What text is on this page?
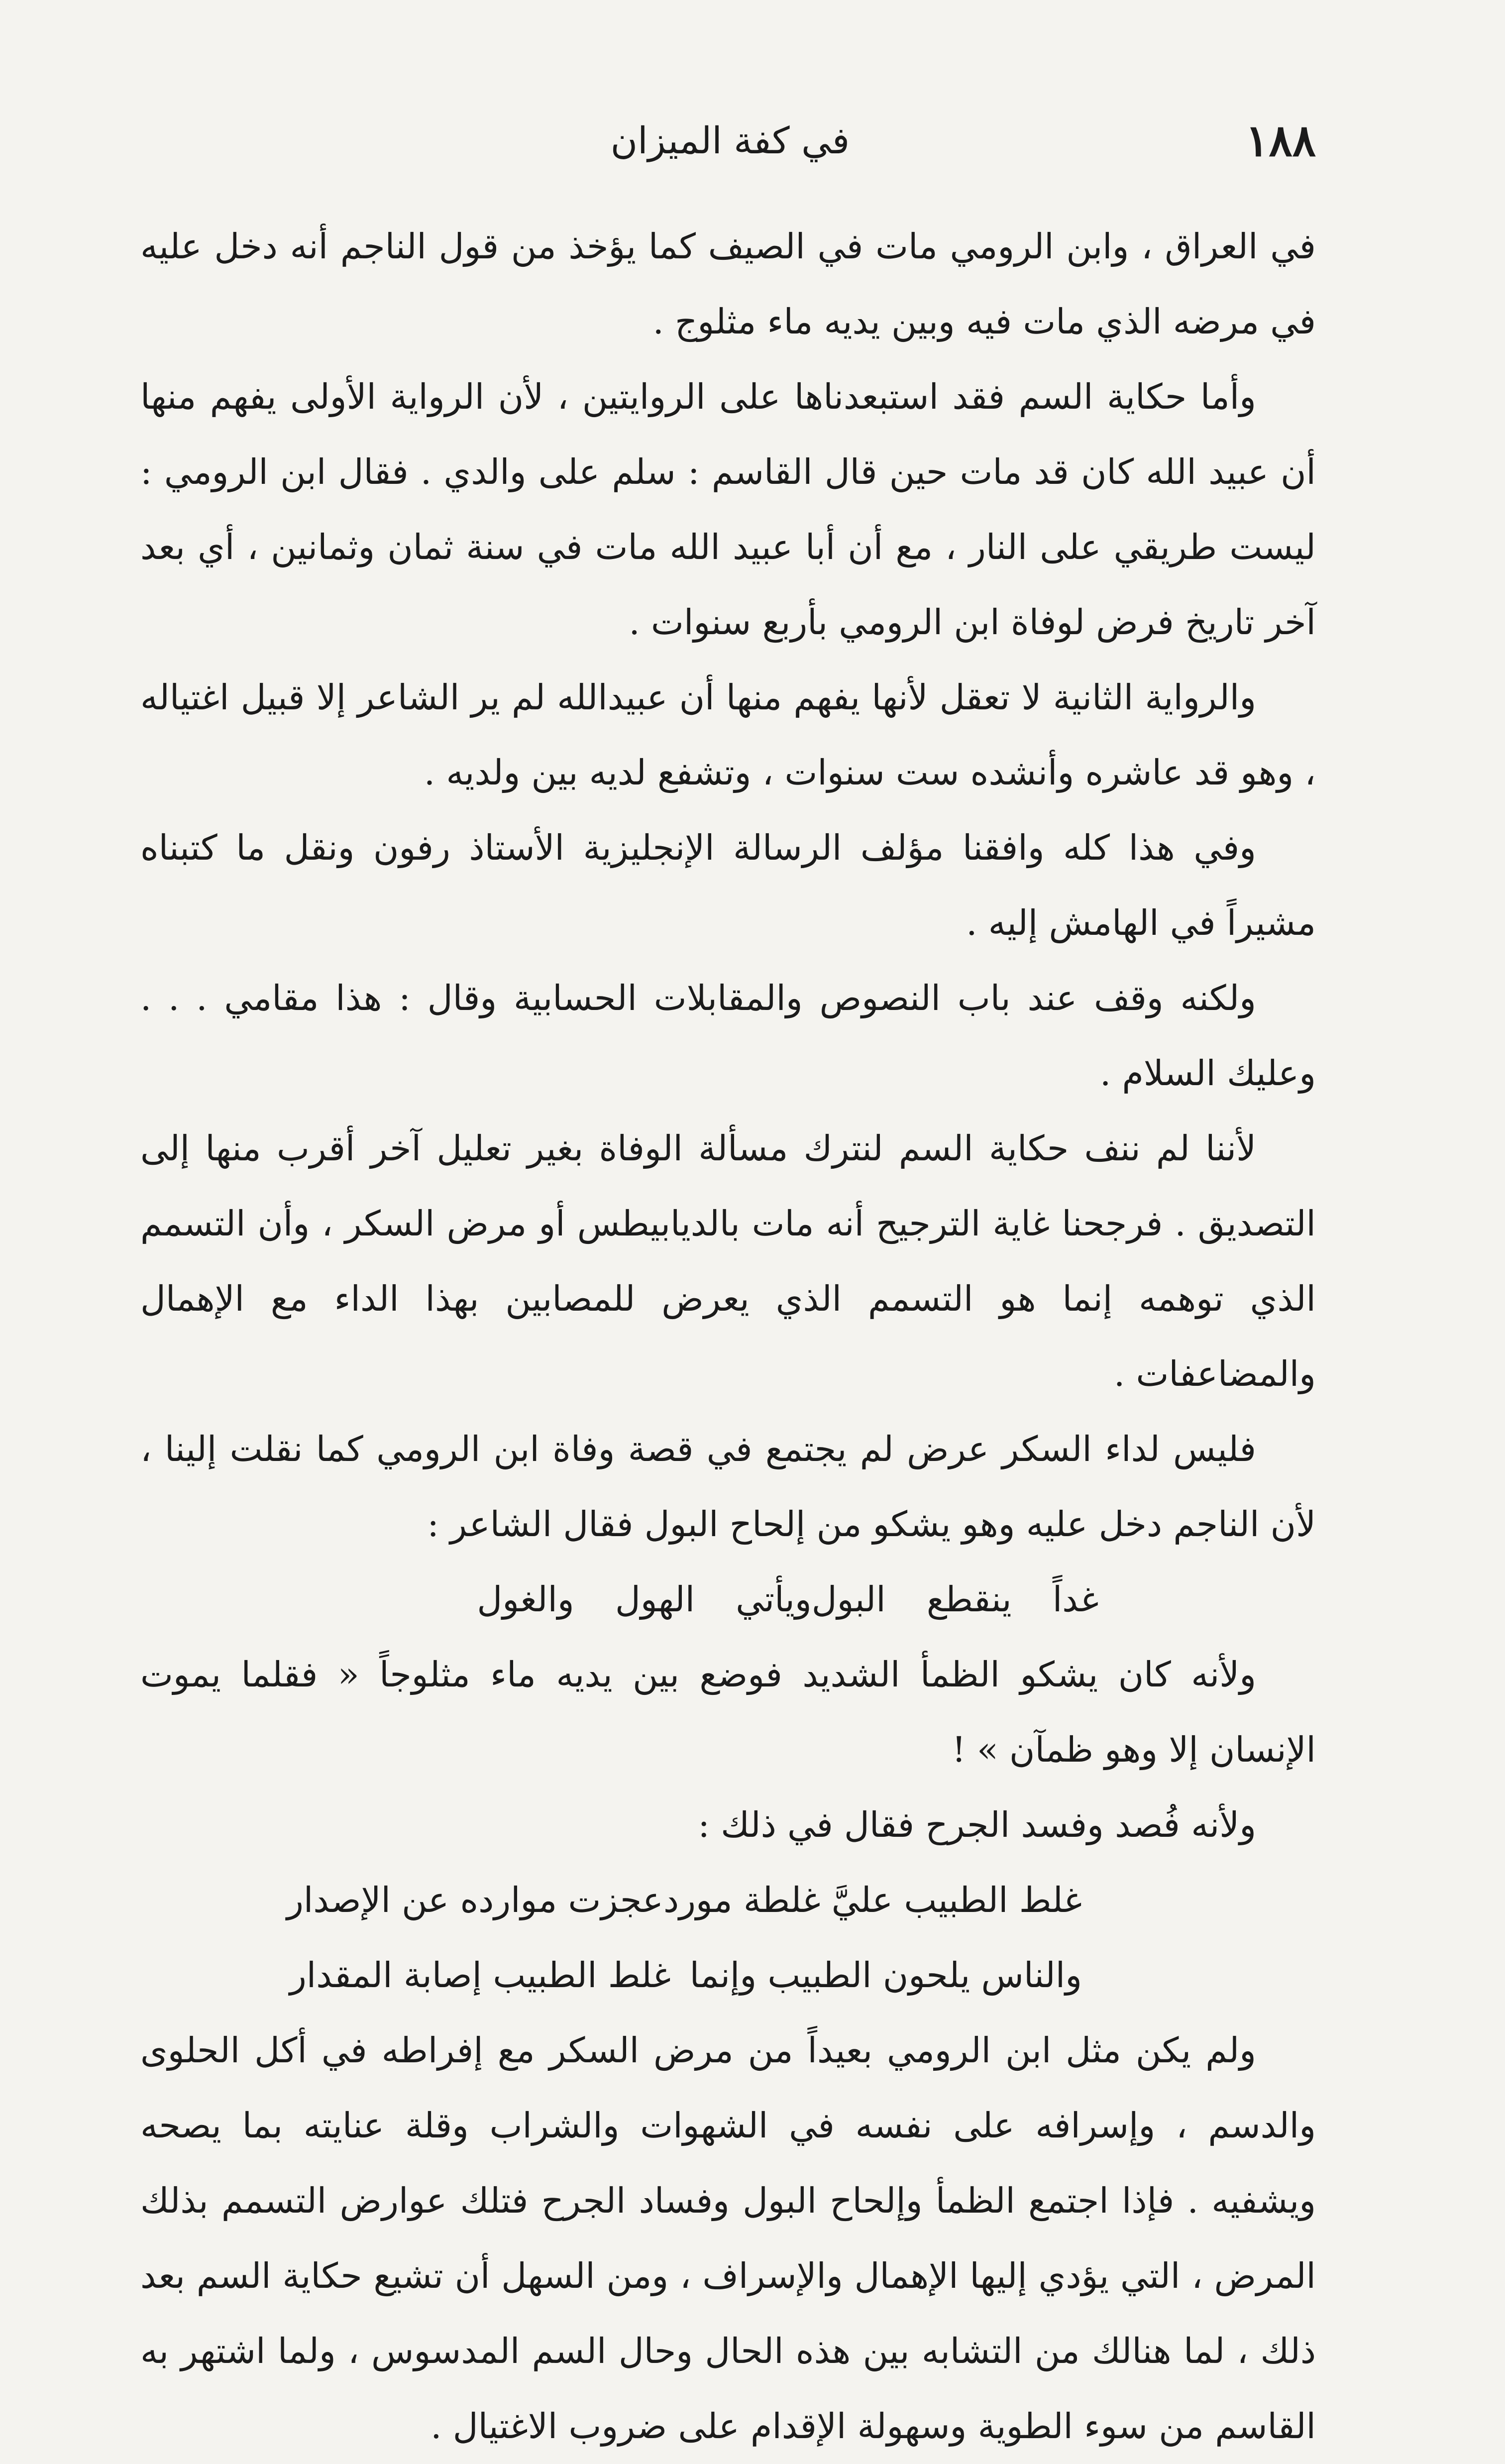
١٨٨
في كفة الميزان

في العراق ، وابن الرومي مات في الصيف كما يؤخذ من قول الناجم أنه دخل عليه في مرضه الذي مات فيه وبين يديه ماء مثلوج .

وأما حكاية السم فقد استبعدناها على الروايتين ، لأن الرواية الأولى يفهم منها أن عبيد الله كان قد مات حين قال القاسم : سلم على والدي . فقال ابن الرومي : ليست طريقي على النار ، مع أن أبا عبيد الله مات في سنة ثمان وثمانين ، أي بعد آخر تاريخ فرض لوفاة ابن الرومي بأربع سنوات .

والرواية الثانية لا تعقل لأنها يفهم منها أن عبيدالله لم ير الشاعر إلا قبيل اغتياله ، وهو قد عاشره وأنشده ست سنوات ، وتشفع لديه بين ولديه .

وفي هذا كله وافقنا مؤلف الرسالة الإنجليزية الأستاذ رفون ونقل ما كتبناه مشيراً في الهامش إليه .

ولكنه وقف عند باب النصوص والمقابلات الحسابية وقال : هذا مقامي . . . وعليك السلام .

لأننا لم ننف حكاية السم لنترك مسألة الوفاة بغير تعليل آخر أقرب منها إلى التصديق . فرجحنا غاية الترجيح أنه مات بالديابيطس أو مرض السكر ، وأن التسمم الذي توهمه إنما هو التسمم الذي يعرض للمصابين بهذا الداء مع الإهمال والمضاعفات .

فليس لداء السكر عرض لم يجتمع في قصة وفاة ابن الرومي كما نقلت إلينا ، لأن الناجم دخل عليه وهو يشكو من إلحاح البول فقال الشاعر :

غداً ينقطع البول
ويأتي الهول والغول

ولأنه كان يشكو الظمأ الشديد فوضع بين يديه ماء مثلوجاً « فقلما يموت الإنسان إلا وهو ظمآن » !

ولأنه فُصد وفسد الجرح فقال في ذلك :

غلط الطبيب عليَّ غلطة مورد
عجزت موارده عن الإصدار
والناس يلحون الطبيب وإنما
غلط الطبيب إصابة المقدار

ولم يكن مثل ابن الرومي بعيداً من مرض السكر مع إفراطه في أكل الحلوى والدسم ، وإسرافه على نفسه في الشهوات والشراب وقلة عنايته بما يصحه ويشفيه . فإذا اجتمع الظمأ وإلحاح البول وفساد الجرح فتلك عوارض التسمم بذلك المرض ، التي يؤدي إليها الإهمال والإسراف ، ومن السهل أن تشيع حكاية السم بعد ذلك ، لما هنالك من التشابه بين هذه الحال وحال السم المدسوس ، ولما اشتهر به القاسم من سوء الطوية وسهولة الإقدام على ضروب الاغتيال .
